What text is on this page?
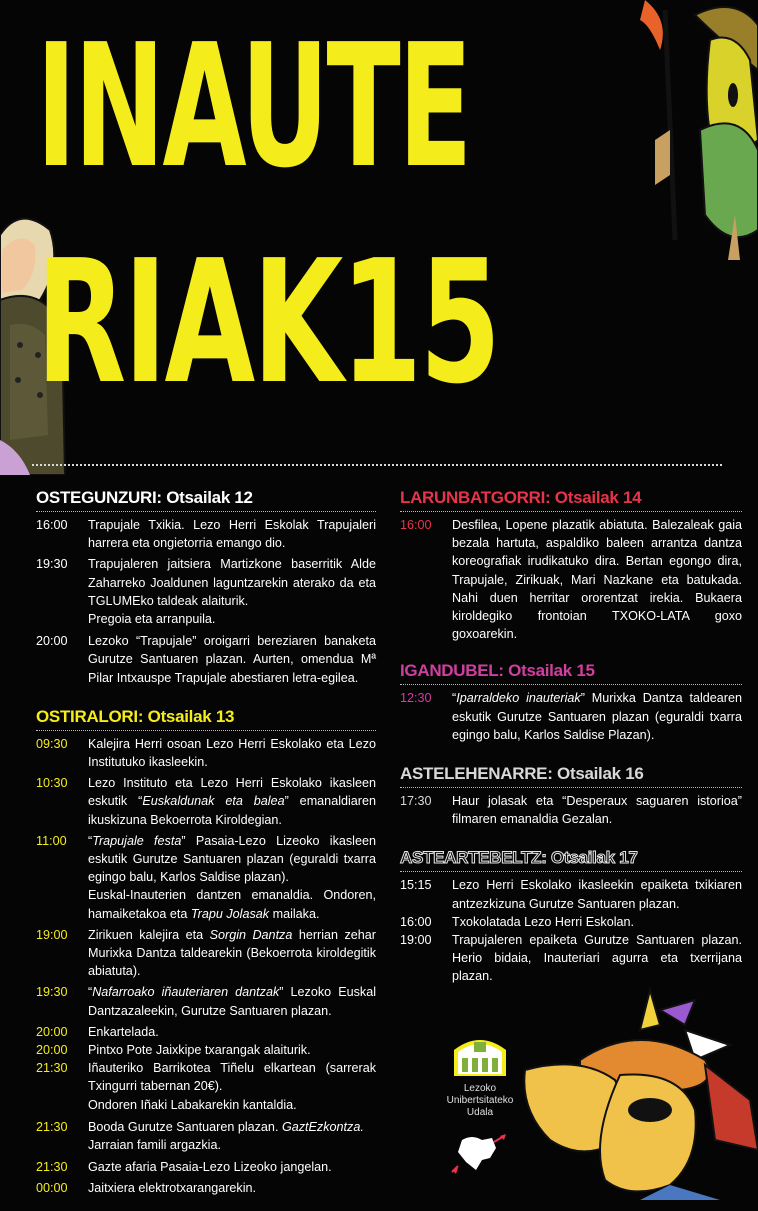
INAUTE
RIAK15
OSTEGUNZURI: Otsailak 12
16:00	Trapujale Txikia. Lezo Herri Eskolak Trapujaleri harrera eta ongietorria emango dio.
19:30	Trapujaleren jaitsiera Martizkone baserritik Alde Zaharreko Joaldunen laguntzarekin aterako da eta TGLUMEko taldeak alaiturik.
Pregoia eta arranpuila.
20:00	Lezoko “Trapujale” oroigarri bereziaren banaketa Gurutze Santuaren plazan. Aurten, omendua Mª Pilar Intxauspe Trapujale abestiaren letra-egilea.
OSTIRALORI: Otsailak 13
09:30	Kalejira Herri osoan Lezo Herri Eskolako eta Lezo Institutuko ikasleekin.
10:30	Lezo Instituto eta Lezo Herri Eskolako ikasleen eskutik “Euskaldunak eta balea” emanaldiaren ikuskizuna Bekoerrota Kiroldegian.
11:00	“Trapujale festa” Pasaia-Lezo Lizeoko ikasleen eskutik Gurutze Santuaren plazan (eguraldi txarra egingo balu, Karlos Saldise plazan).
Euskal-Inauterien dantzen emanaldia. Ondoren, hamaiketakoa eta Trapu Jolasak mailaka.
19:00	Zirikuen kalejira eta Sorgin Dantza herrian zehar Murixka Dantza taldearekin (Bekoerrota kiroldegitik abiatuta).
19:30	“Nafarroako iñauteriaren dantzak” Lezoko Euskal Dantzazaleekin, Gurutze Santuaren plazan.
20:00	Enkartelada.
20:00	Pintxo Pote Jaixkipe txarangak alaiturik.
21:30	Iñauteriko Barrikotea Tiñelu elkartean (sarrerak Txingurri tabernan 20€).
Ondoren Iñaki Labakarekin kantaldia.
21:30	Booda Gurutze Santuaren plazan. GaztEzkontza. Jarraian famili argazkia.
21:30	Gazte afaria Pasaia-Lezo Lizeoko jangelan.
00:00	Jaitxiera elektrotxarangarekin.
LARUNBATGORRI: Otsailak 14
16:00	Desfilea, Lopene plazatik abiatuta. Balezaleak gaia bezala hartuta, aspaldiko baleen arrantza dantza koreografiak irudikatuko dira. Bertan egongo dira, Trapujale, Zirikuak, Mari Nazkane eta batukada. Nahi duen herritar ororentzat irekia. Bukaera kiroldegiko frontoian TXOKO-LATA goxo goxoarekin.
IGANDUBEL: Otsailak 15
12:30	“Iparraldeko inauteriak” Murixka Dantza taldearen eskutik Gurutze Santuaren plazan (eguraldi txarra egingo balu, Karlos Saldise Plazan).
ASTELEHENARRE: Otsailak 16
17:30	Haur jolasak eta “Desperaux saguaren istorioa” filmaren emanaldia Gezalan.
ASTEARTEBELTZ: Otsailak 17
15:15	Lezo Herri Eskolako ikasleekin epaiketa txikiaren antzezkizuna Gurutze Santuaren plazan.
16:00	Txokolatada Lezo Herri Eskolan.
19:00	Trapujaleren epaiketa Gurutze Santuaren plazan. Herio bidaia, Inauteriari agurra eta txerrijana plazan.
Lezoko
Unibertsitateko
Udala
